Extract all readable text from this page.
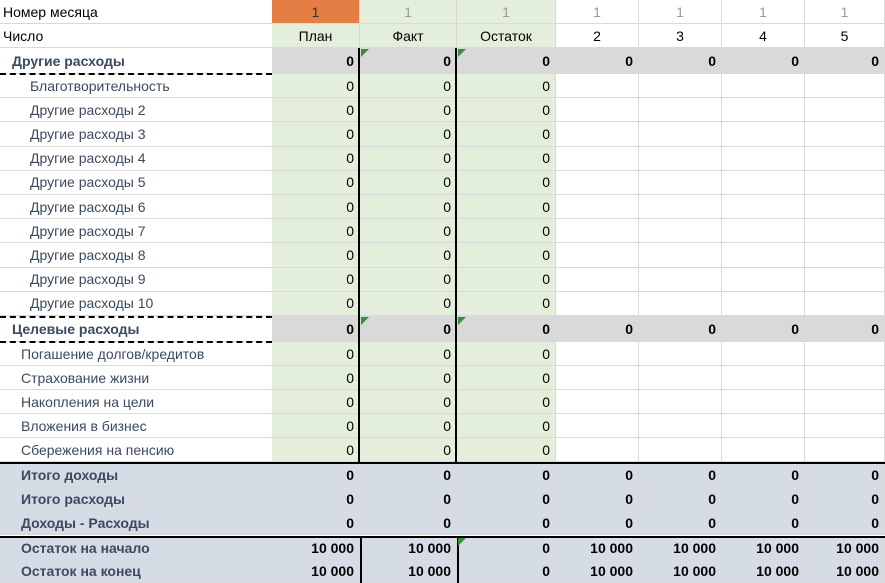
Номер месяца	1	1	1	1	1	1	1
Число	План	Факт	Остаток	2	3	4	5
Другие расходы	0	0	0	0	0	0	0
Благотворительность	0	0	0
Другие расходы 2	0	0	0
Другие расходы 3	0	0	0
Другие расходы 4	0	0	0
Другие расходы 5	0	0	0
Другие расходы 6	0	0	0
Другие расходы 7	0	0	0
Другие расходы 8	0	0	0
Другие расходы 9	0	0	0
Другие расходы 10	0	0	0
Целевые расходы	0	0	0	0	0	0	0
Погашение долгов/кредитов	0	0	0
Страхование жизни	0	0	0
Накопления на цели	0	0	0
Вложения в бизнес	0	0	0
Сбережения на пенсию	0	0	0
Итого доходы	0	0	0	0	0	0	0
Итого расходы	0	0	0	0	0	0	0
Доходы - Расходы	0	0	0	0	0	0	0
Остаток на начало	10 000	10 000	0	10 000	10 000	10 000	10 000
Остаток на конец	10 000	10 000	0	10 000	10 000	10 000	10 000
